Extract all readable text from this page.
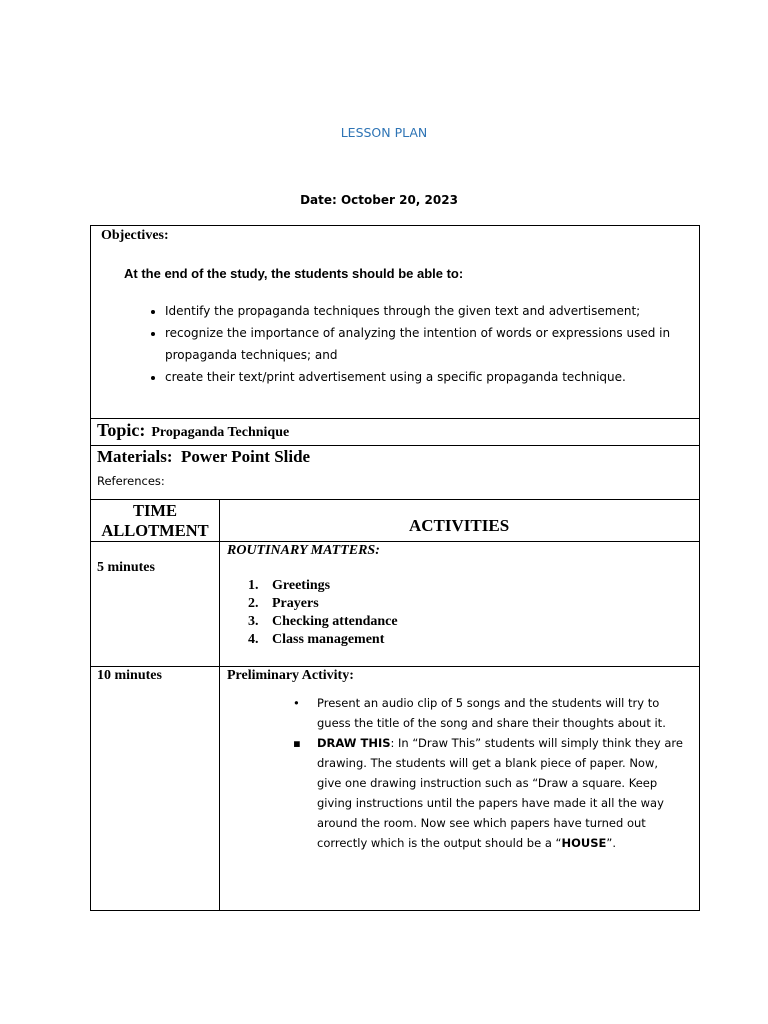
LESSON PLAN
Date: October 20, 2023
Objectives:
At the end of the study, the students should be able to:
• Identify the propaganda techniques through the given text and advertisement;
• recognize the importance of analyzing the intention of words or expressions used in propaganda techniques; and
• create their text/print advertisement using a specific propaganda technique.
Topic: Propaganda Technique
Materials: Power Point Slide
References:
TIME ALLOTMENT	ACTIVITIES
5 minutes
ROUTINARY MATTERS:
1. Greetings
2. Prayers
3. Checking attendance
4. Class management
10 minutes	Preliminary Activity:
• Present an audio clip of 5 songs and the students will try to guess the title of the song and share their thoughts about it.
▪ DRAW THIS: In “Draw This” students will simply think they are drawing. The students will get a blank piece of paper. Now, give one drawing instruction such as “Draw a square. Keep giving instructions until the papers have made it all the way around the room. Now see which papers have turned out correctly which is the output should be a “HOUSE”.
